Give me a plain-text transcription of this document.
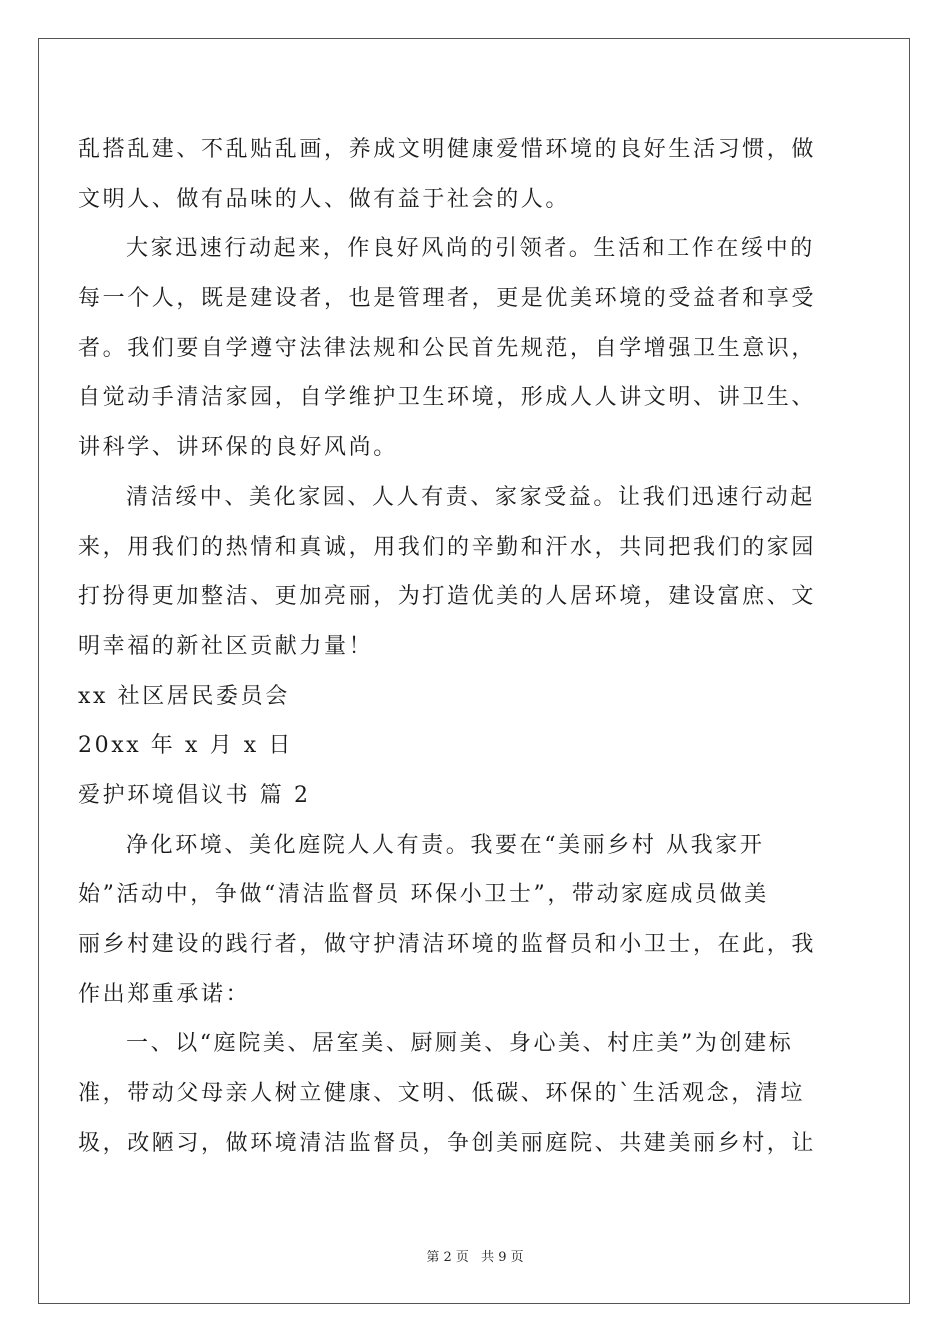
乱搭乱建、不乱贴乱画，养成文明健康爱惜环境的良好生活习惯，做
文明人、做有品味的人、做有益于社会的人。
大家迅速行动起来，作良好风尚的引领者。生活和工作在绥中的
每一个人，既是建设者，也是管理者，更是优美环境的受益者和享受
者。我们要自学遵守法律法规和公民首先规范，自学增强卫生意识，
自觉动手清洁家园，自学维护卫生环境，形成人人讲文明、讲卫生、
讲科学、讲环保的良好风尚。
清洁绥中、美化家园、人人有责、家家受益。让我们迅速行动起
来，用我们的热情和真诚，用我们的辛勤和汗水，共同把我们的家园
打扮得更加整洁、更加亮丽，为打造优美的人居环境，建设富庶、文
明幸福的新社区贡献力量！
xx 社区居民委员会
20xx 年 x 月 x 日
爱护环境倡议书 篇 2
净化环境、美化庭院人人有责。我要在“美丽乡村 从我家开
始”活动中，争做“清洁监督员 环保小卫士”，带动家庭成员做美
丽乡村建设的践行者，做守护清洁环境的监督员和小卫士，在此，我
作出郑重承诺：
一、以“庭院美、居室美、厨厕美、身心美、村庄美”为创建标
准，带动父母亲人树立健康、文明、低碳、环保的`生活观念，清垃
圾，改陋习，做环境清洁监督员，争创美丽庭院、共建美丽乡村，让
第 2 页 共 9 页
